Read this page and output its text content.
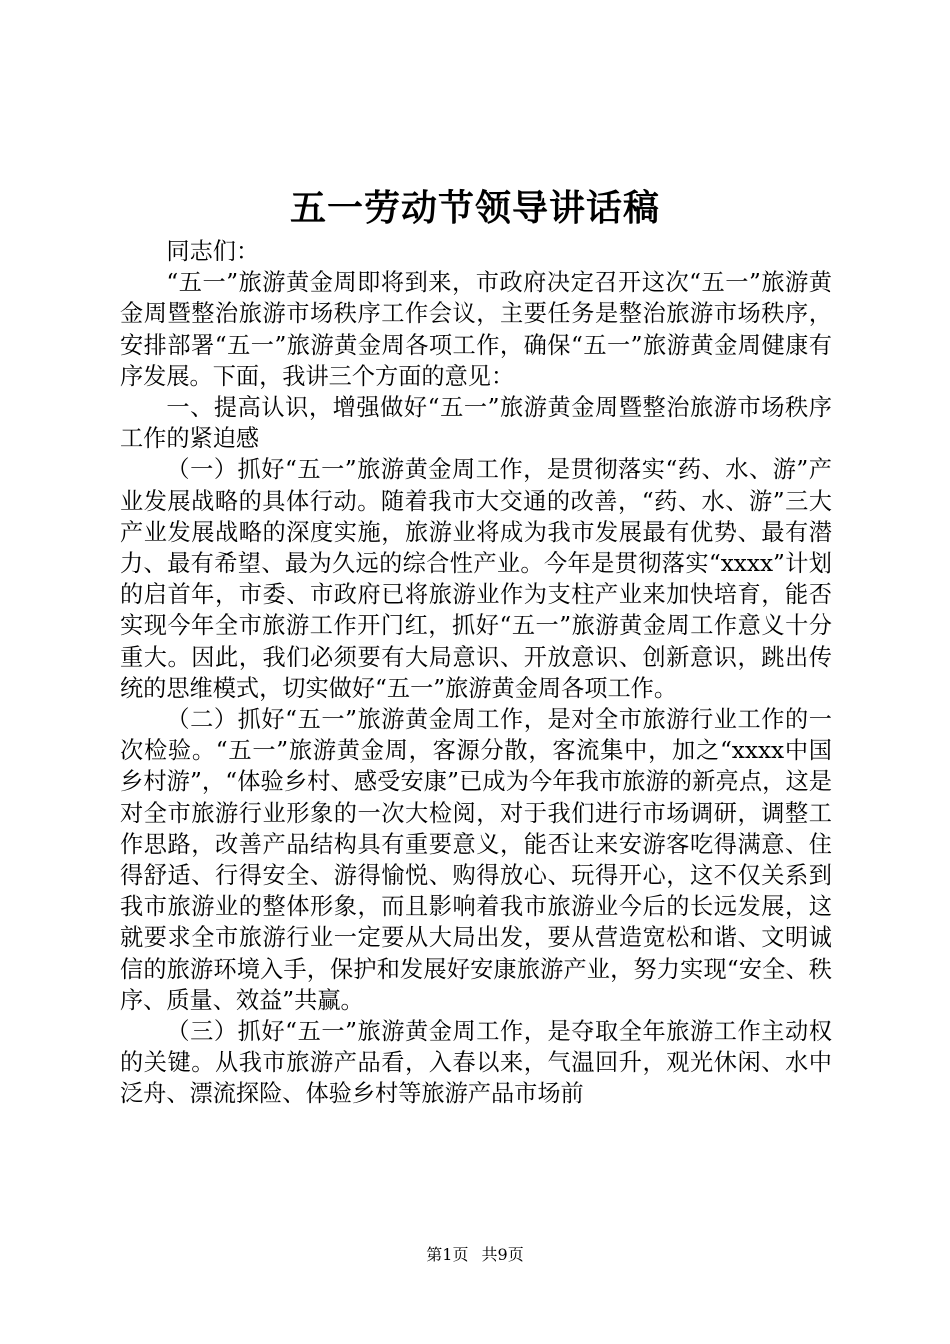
五一劳动节领导讲话稿

同志们：

“五一”旅游黄金周即将到来，市政府决定召开这次“五一”旅游黄金周暨整治旅游市场秩序工作会议，主要任务是整治旅游市场秩序，安排部署“五一”旅游黄金周各项工作，确保“五一”旅游黄金周健康有序发展。下面，我讲三个方面的意见：

一、提高认识，增强做好“五一”旅游黄金周暨整治旅游市场秩序工作的紧迫感

（一）抓好“五一”旅游黄金周工作，是贯彻落实“药、水、游”产业发展战略的具体行动。随着我市大交通的改善，“药、水、游”三大产业发展战略的深度实施，旅游业将成为我市发展最有优势、最有潜力、最有希望、最为久远的综合性产业。今年是贯彻落实“xxxx”计划的启首年，市委、市政府已将旅游业作为支柱产业来加快培育，能否实现今年全市旅游工作开门红，抓好“五一”旅游黄金周工作意义十分重大。因此，我们必须要有大局意识、开放意识、创新意识，跳出传统的思维模式，切实做好“五一”旅游黄金周各项工作。

（二）抓好“五一”旅游黄金周工作，是对全市旅游行业工作的一次检验。“五一”旅游黄金周，客源分散，客流集中，加之“xxxx中国乡村游”，“体验乡村、感受安康”已成为今年我市旅游的新亮点，这是对全市旅游行业形象的一次大检阅，对于我们进行市场调研，调整工作思路，改善产品结构具有重要意义，能否让来安游客吃得满意、住得舒适、行得安全、游得愉悦、购得放心、玩得开心，这不仅关系到我市旅游业的整体形象，而且影响着我市旅游业今后的长远发展，这就要求全市旅游行业一定要从大局出发，要从营造宽松和谐、文明诚信的旅游环境入手，保护和发展好安康旅游产业，努力实现“安全、秩序、质量、效益”共赢。

（三）抓好“五一”旅游黄金周工作，是夺取全年旅游工作主动权的关键。从我市旅游产品看，入春以来，气温回升，观光休闲、水中泛舟、漂流探险、体验乡村等旅游产品市场前

第1页 共9页
